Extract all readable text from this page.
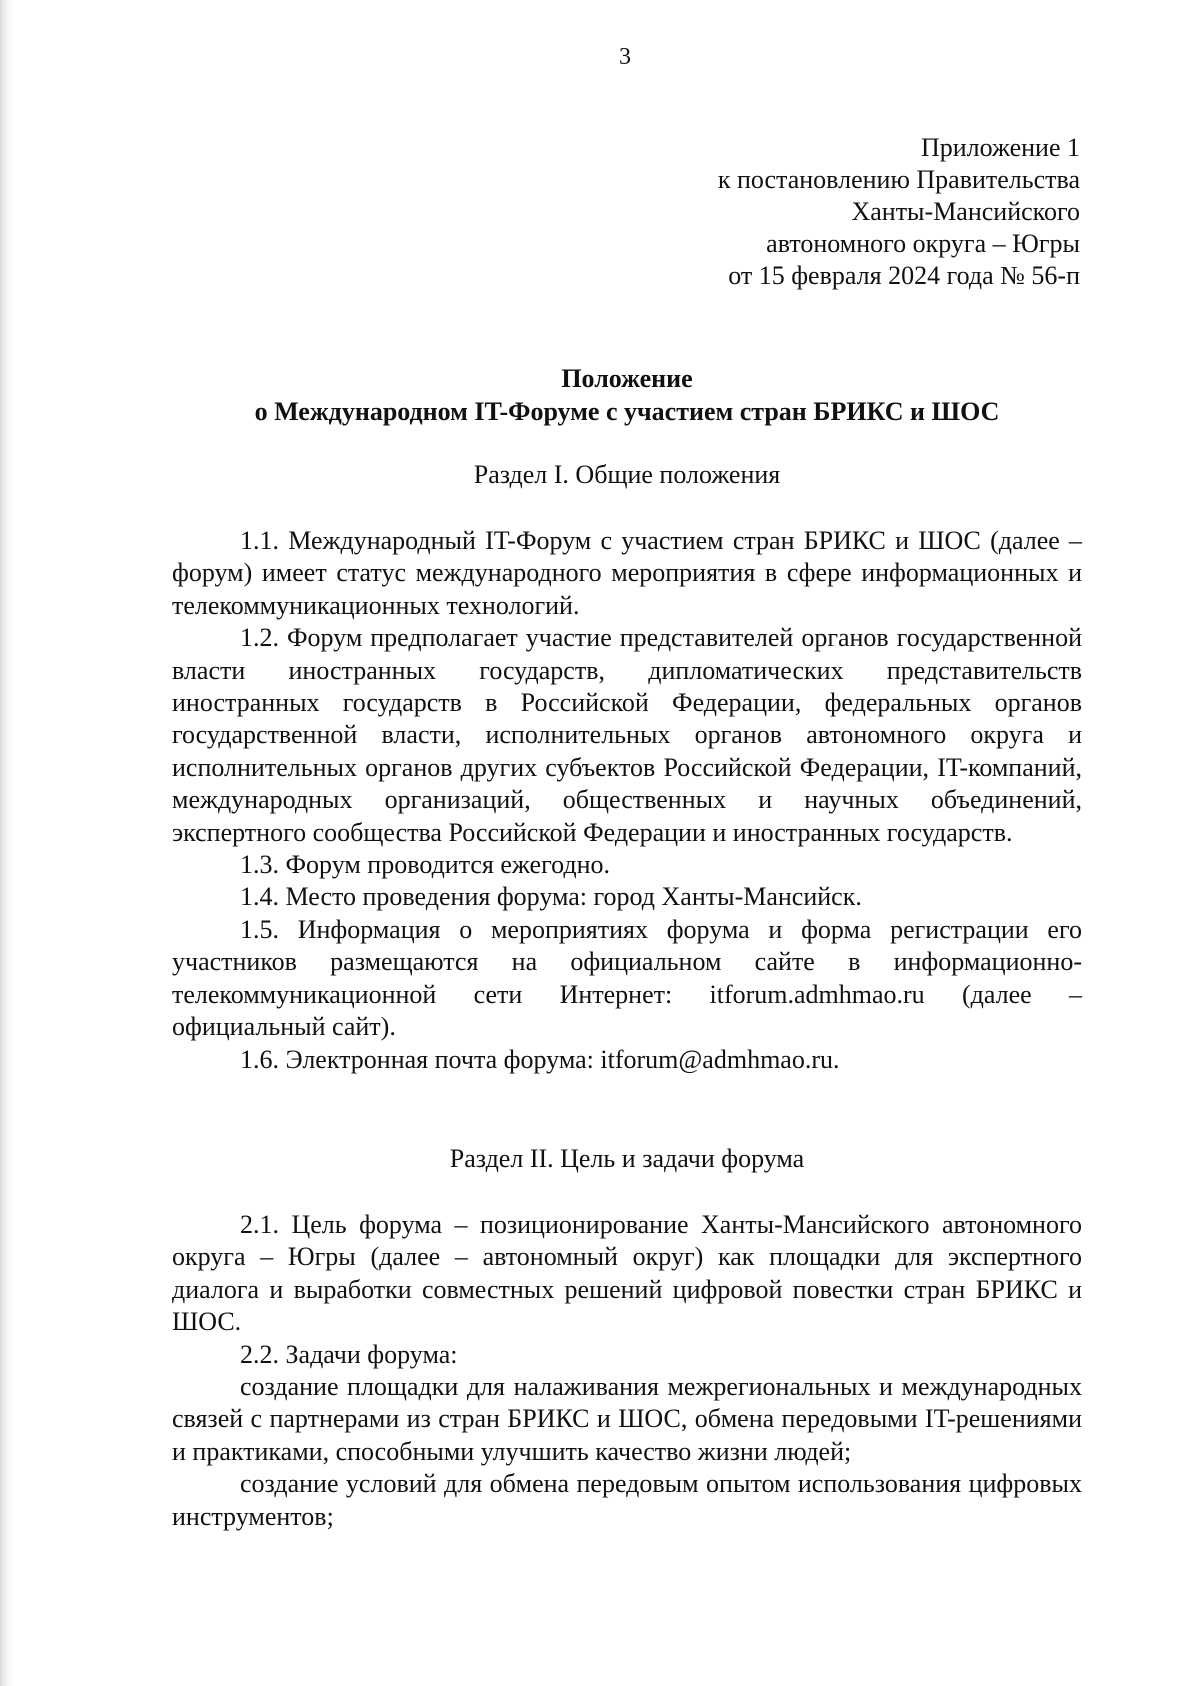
3
Приложение 1
к постановлению Правительства
Ханты-Мансийского
автономного округа – Югры
от 15 февраля 2024 года № 56-п
Положение
о Международном IT-Форуме с участием стран БРИКС и ШОС
Раздел I. Общие положения

1.1. Международный IT-Форум с участием стран БРИКС и ШОС (далее – форум) имеет статус международного мероприятия в сфере информационных и телекоммуникационных технологий.

1.2. Форум предполагает участие представителей органов государственной власти иностранных государств, дипломатических представительств иностранных государств в Российской Федерации, федеральных органов государственной власти, исполнительных органов автономного округа и исполнительных органов других субъектов Российской Федерации, IT-компаний, международных организаций, общественных и научных объединений, экспертного сообщества Российской Федерации и иностранных государств.

1.3. Форум проводится ежегодно.

1.4. Место проведения форума: город Ханты-Мансийск.

1.5. Информация о мероприятиях форума и форма регистрации его участников размещаются на официальном сайте в информационно-телекоммуникационной сети Интернет: itforum.admhmao.ru (далее – официальный сайт).

1.6. Электронная почта форума: itforum@admhmao.ru.

Раздел II. Цель и задачи форума

2.1. Цель форума – позиционирование Ханты-Мансийского автономного округа – Югры (далее – автономный округ) как площадки для экспертного диалога и выработки совместных решений цифровой повестки стран БРИКС и ШОС.

2.2. Задачи форума:

создание площадки для налаживания межрегиональных и международных связей с партнерами из стран БРИКС и ШОС, обмена передовыми IT-решениями и практиками, способными улучшить качество жизни людей;

создание условий для обмена передовым опытом использования цифровых инструментов;
